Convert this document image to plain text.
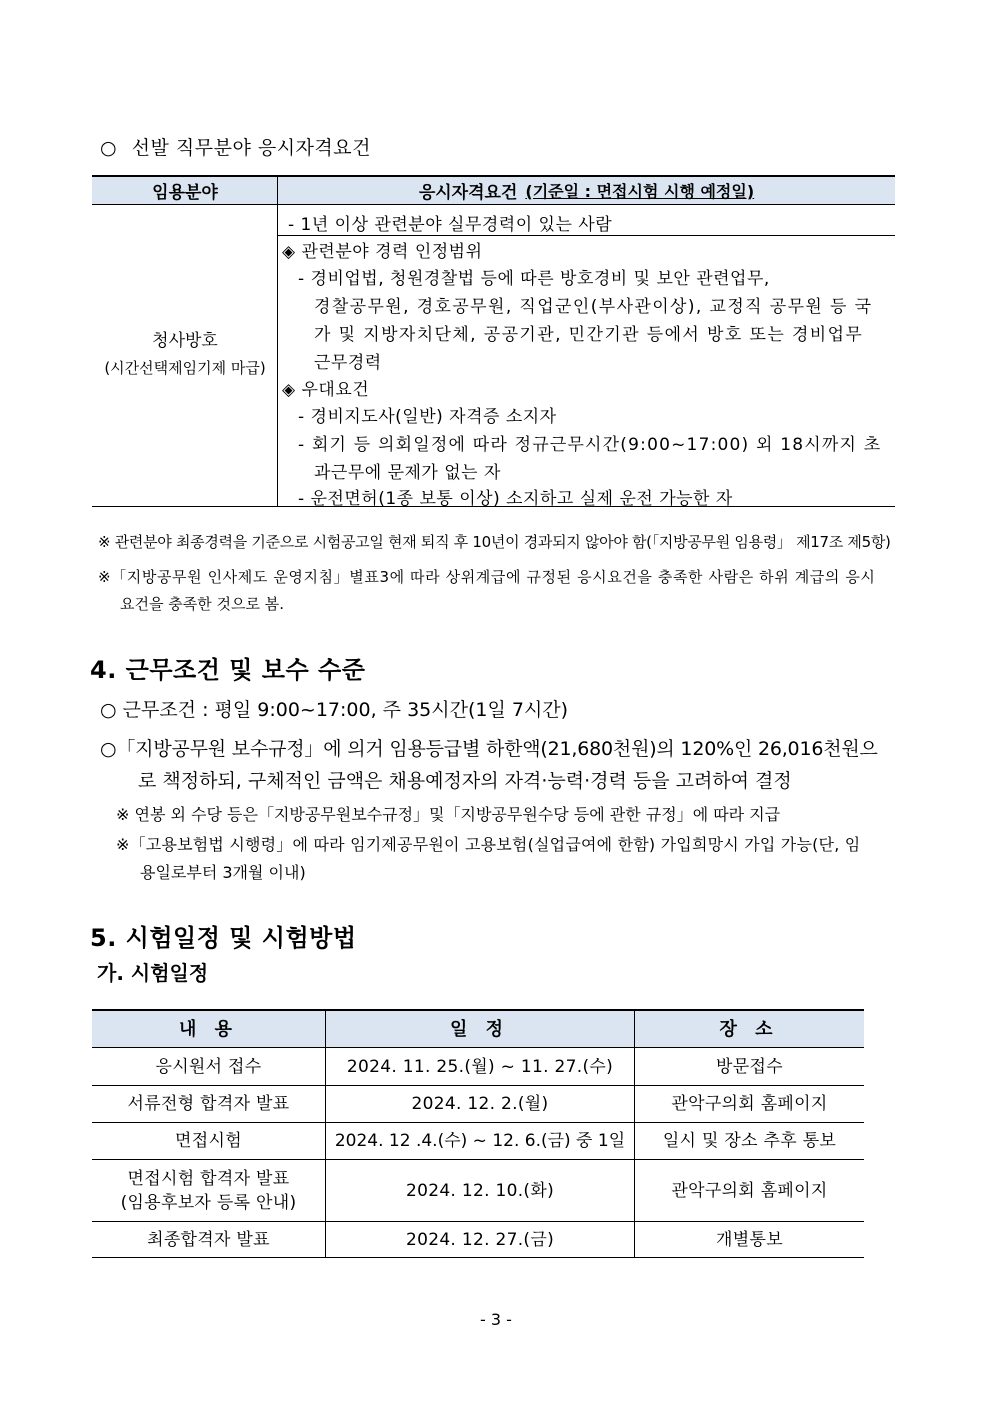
○ 선발 직무분야 응시자격요건
임용분야	응시자격요건 (기준일 : 면접시험 시행 예정일)
청사방호
(시간선택제임기제 마급)
- 1년 이상 관련분야 실무경력이 있는 사람
◈ 관련분야 경력 인정범위
- 경비업법, 청원경찰법 등에 따른 방호경비 및 보안 관련업무,
경찰공무원, 경호공무원, 직업군인(부사관이상), 교정직 공무원 등 국
가 및 지방자치단체, 공공기관, 민간기관 등에서 방호 또는 경비업무
근무경력
◈ 우대요건
- 경비지도사(일반) 자격증 소지자
- 회기 등 의회일정에 따라 정규근무시간(9:00~17:00) 외 18시까지 초
과근무에 문제가 없는 자
- 운전면허(1종 보통 이상) 소지하고 실제 운전 가능한 자
※ 관련분야 최종경력을 기준으로 시험공고일 현재 퇴직 후 10년이 경과되지 않아야 함(「지방공무원 임용령」 제17조 제5항)
※「지방공무원 인사제도 운영지침」별표3에 따라 상위계급에 규정된 응시요건을 충족한 사람은 하위 계급의 응시
요건을 충족한 것으로 봄.
4. 근무조건 및 보수 수준
○ 근무조건 : 평일 9:00~17:00, 주 35시간(1일 7시간)
○「지방공무원 보수규정」에 의거 임용등급별 하한액(21,680천원)의 120%인 26,016천원으
로 책정하되, 구체적인 금액은 채용예정자의 자격·능력·경력 등을 고려하여 결정
※ 연봉 외 수당 등은「지방공무원보수규정」및「지방공무원수당 등에 관한 규정」에 따라 지급
※「고용보험법 시행령」에 따라 임기제공무원이 고용보험(실업급여에 한함) 가입희망시 가입 가능(단, 임
용일로부터 3개월 이내)
5. 시험일정 및 시험방법
가. 시험일정
내 용	일 정	장 소
응시원서 접수	2024. 11. 25.(월) ~ 11. 27.(수)	방문접수
서류전형 합격자 발표	2024. 12. 2.(월)	관악구의회 홈페이지
면접시험	2024. 12 .4.(수) ~ 12. 6.(금) 중 1일	일시 및 장소 추후 통보
면접시험 합격자 발표
(임용후보자 등록 안내)
2024. 12. 10.(화)	관악구의회 홈페이지
최종합격자 발표	2024. 12. 27.(금)	개별통보
- 3 -
